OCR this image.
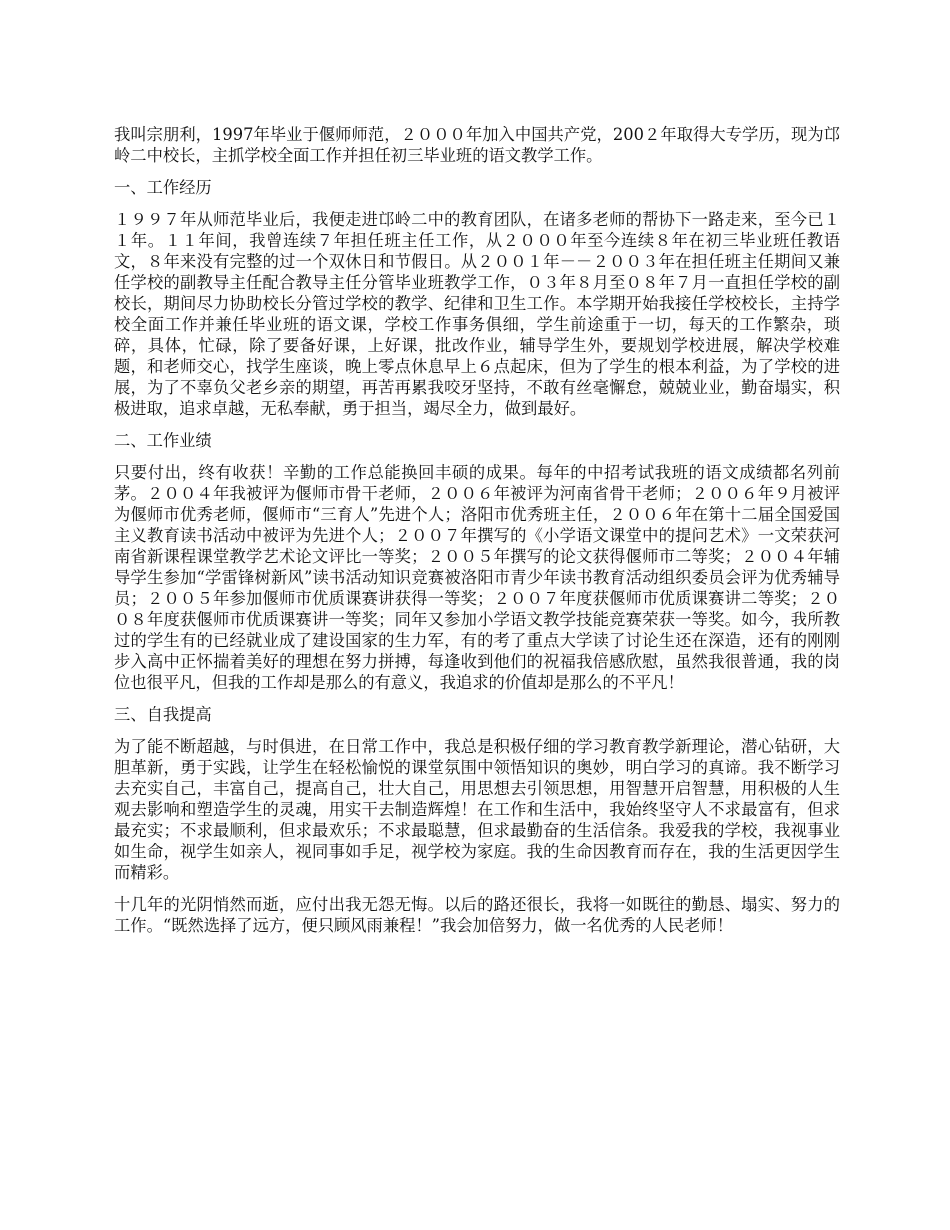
我叫宗朋利，1997年毕业于偃师师范，２０００年加入中国共产党，200２年取得大专学历，现为邙岭二中校长，主抓学校全面工作并担任初三毕业班的语文教学工作。

一、工作经历

１９９７年从师范毕业后，我便走进邙岭二中的教育团队，在诸多老师的帮协下一路走来，至今已１１年。１１年间，我曾连续７年担任班主任工作，从２０００年至今连续８年在初三毕业班任教语文，８年来没有完整的过一个双休日和节假日。从２００１年－－２００３年在担任班主任期间又兼任学校的副教导主任配合教导主任分管毕业班教学工作，０３年８月至０８年７月一直担任学校的副校长，期间尽力协助校长分管过学校的教学、纪律和卫生工作。本学期开始我接任学校校长，主持学校全面工作并兼任毕业班的语文课，学校工作事务俱细，学生前途重于一切，每天的工作繁杂，琐碎，具体，忙碌，除了要备好课，上好课，批改作业，辅导学生外，要规划学校进展，解决学校难题，和老师交心，找学生座谈，晚上零点休息早上６点起床，但为了学生的根本利益，为了学校的进展，为了不辜负父老乡亲的期望，再苦再累我咬牙坚持，不敢有丝毫懈怠，兢兢业业，勤奋塌实，积极进取，追求卓越，无私奉献，勇于担当，竭尽全力，做到最好。

二、工作业绩

只要付出，终有收获！辛勤的工作总能换回丰硕的成果。每年的中招考试我班的语文成绩都名列前茅。２００４年我被评为偃师市骨干老师，２００６年被评为河南省骨干老师；２００６年９月被评为偃师市优秀老师，偃师市“三育人”先进个人；洛阳市优秀班主任，２００６年在第十二届全国爱国主义教育读书活动中被评为先进个人；２００７年撰写的《小学语文课堂中的提问艺术》一文荣获河南省新课程课堂教学艺术论文评比一等奖；２００５年撰写的论文获得偃师市二等奖；２００４年辅导学生参加“学雷锋树新风”读书活动知识竞赛被洛阳市青少年读书教育活动组织委员会评为优秀辅导员；２００５年参加偃师市优质课赛讲获得一等奖；２００７年度获偃师市优质课赛讲二等奖；２００８年度获偃师市优质课赛讲一等奖；同年又参加小学语文教学技能竞赛荣获一等奖。如今，我所教过的学生有的已经就业成了建设国家的生力军，有的考了重点大学读了讨论生还在深造，还有的刚刚步入高中正怀揣着美好的理想在努力拼搏，每逢收到他们的祝福我倍感欣慰，虽然我很普通，我的岗位也很平凡，但我的工作却是那么的有意义，我追求的价值却是那么的不平凡！

三、自我提高

为了能不断超越，与时俱进，在日常工作中，我总是积极仔细的学习教育教学新理论，潜心钻研，大胆革新，勇于实践，让学生在轻松愉悦的课堂氛围中领悟知识的奥妙，明白学习的真谛。我不断学习去充实自己，丰富自己，提高自己，壮大自己，用思想去引领思想，用智慧开启智慧，用积极的人生观去影响和塑造学生的灵魂，用实干去制造辉煌！在工作和生活中，我始终坚守人不求最富有，但求最充实；不求最顺利，但求最欢乐；不求最聪慧，但求最勤奋的生活信条。我爱我的学校，我视事业如生命，视学生如亲人，视同事如手足，视学校为家庭。我的生命因教育而存在，我的生活更因学生而精彩。

十几年的光阴悄然而逝，应付出我无怨无悔。以后的路还很长，我将一如既往的勤恳、塌实、努力的工作。“既然选择了远方，便只顾风雨兼程！”我会加倍努力，做一名优秀的人民老师！
